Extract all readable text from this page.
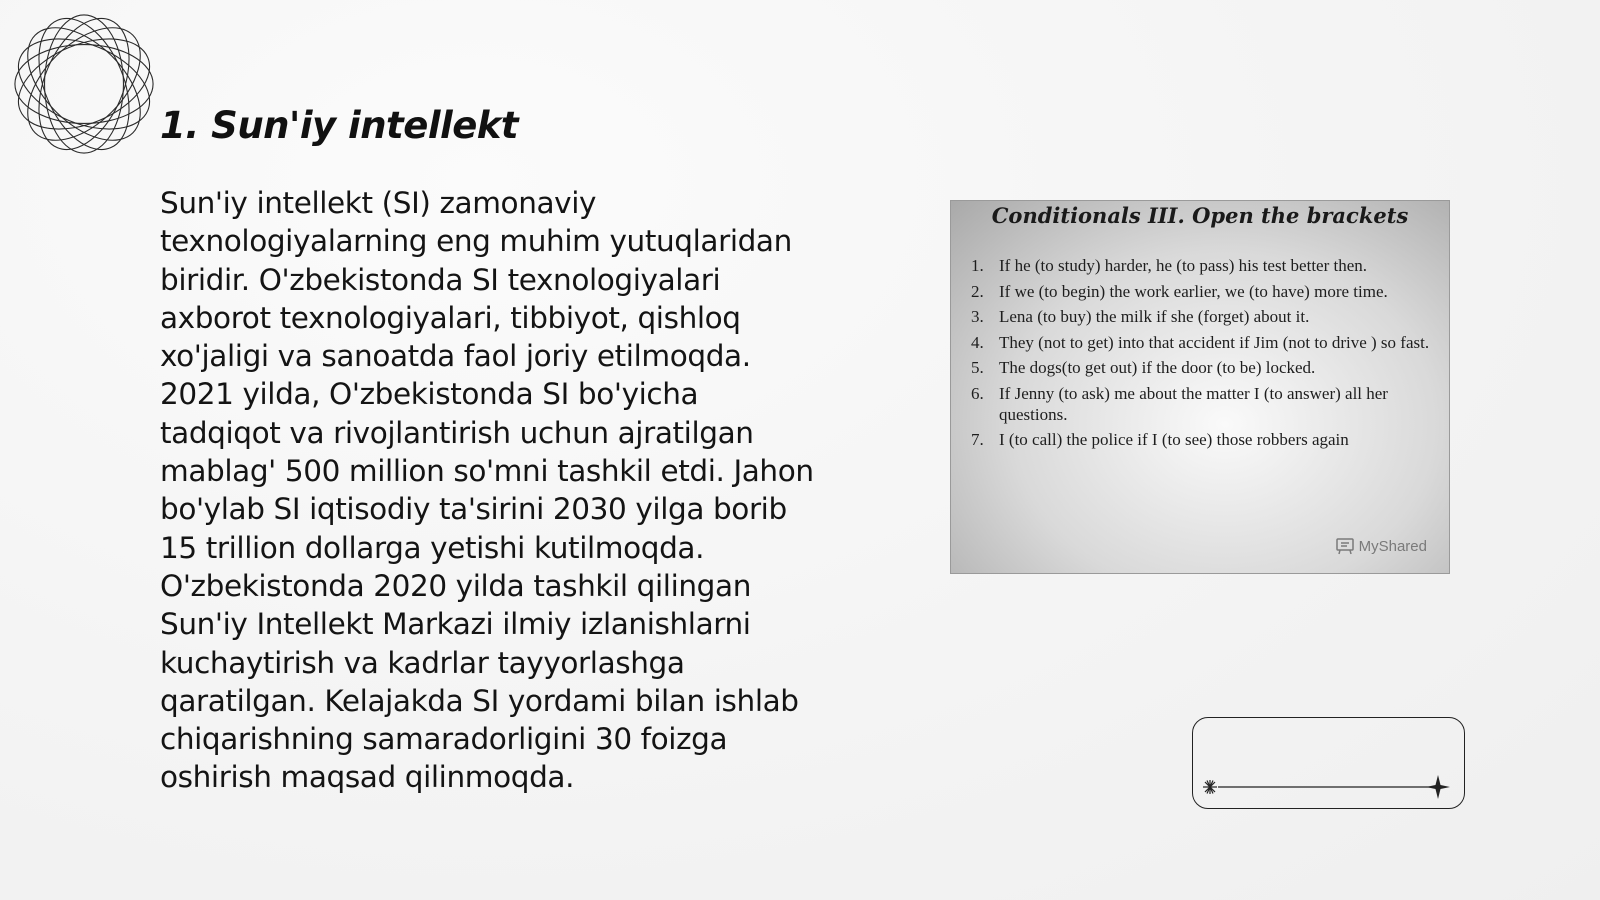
1. Sun'iy intellekt

Sun'iy intellekt (SI) zamonaviy
texnologiyalarning eng muhim yutuqlaridan
biridir. O'zbekistonda SI texnologiyalari
axborot texnologiyalari, tibbiyot, qishloq
xo'jaligi va sanoatda faol joriy etilmoqda.
2021 yilda, O'zbekistonda SI bo'yicha
tadqiqot va rivojlantirish uchun ajratilgan
mablag' 500 million so'mni tashkil etdi. Jahon
bo'ylab SI iqtisodiy ta'sirini 2030 yilga borib
15 trillion dollarga yetishi kutilmoqda.
O'zbekistonda 2020 yilda tashkil qilingan
Sun'iy Intellekt Markazi ilmiy izlanishlarni
kuchaytirish va kadrlar tayyorlashga
qaratilgan. Kelajakda SI yordami bilan ishlab
chiqarishning samaradorligini 30 foizga
oshirish maqsad qilinmoqda.

Conditionals III. Open the brackets

1. If he (to study) harder, he (to pass) his test better then.
2. If we (to begin) the work earlier, we (to have) more time.
3. Lena (to buy) the milk if she (forget) about it.
4. They (not to get) into that accident if Jim (not to drive ) so fast.
5. The dogs(to get out) if the door (to be) locked.
6. If Jenny (to ask) me about the matter I (to answer) all her questions.
7. I (to call) the police if I (to see) those robbers again
MyShared
